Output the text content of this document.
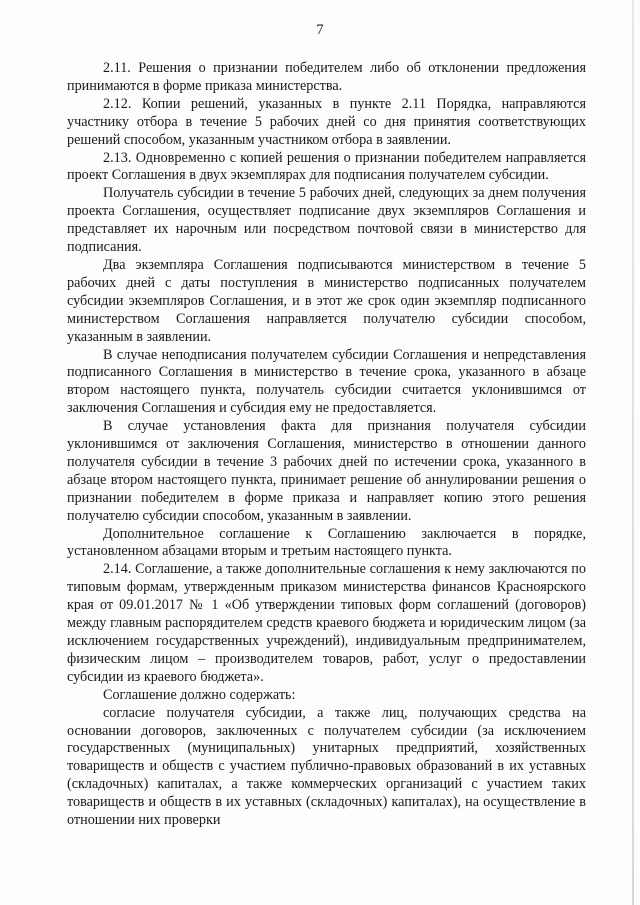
7

2.11. Решения о признании победителем либо об отклонении предложения принимаются в форме приказа министерства.

2.12. Копии решений, указанных в пункте 2.11 Порядка, направляются участнику отбора в течение 5 рабочих дней со дня принятия соответствующих решений способом, указанным участником отбора в заявлении.

2.13. Одновременно с копией решения о признании победителем направляется проект Соглашения в двух экземплярах для подписания получателем субсидии.

Получатель субсидии в течение 5 рабочих дней, следующих за днем получения проекта Соглашения, осуществляет подписание двух экземпляров Соглашения и представляет их нарочным или посредством почтовой связи в министерство для подписания.

Два экземпляра Соглашения подписываются министерством в течение 5 рабочих дней с даты поступления в министерство подписанных получателем субсидии экземпляров Соглашения, и в этот же срок один экземпляр подписанного министерством Соглашения направляется получателю субсидии способом, указанным в заявлении.

В случае неподписания получателем субсидии Соглашения и непредставления подписанного Соглашения в министерство в течение срока, указанного в абзаце втором настоящего пункта, получатель субсидии считается уклонившимся от заключения Соглашения и субсидия ему не предоставляется.

В случае установления факта для признания получателя субсидии уклонившимся от заключения Соглашения, министерство в отношении данного получателя субсидии в течение 3 рабочих дней по истечении срока, указанного в абзаце втором настоящего пункта, принимает решение об аннулировании решения о признании победителем в форме приказа и направляет копию этого решения получателю субсидии способом, указанным в заявлении.

Дополнительное соглашение к Соглашению заключается в порядке, установленном абзацами вторым и третьим настоящего пункта.

2.14. Соглашение, а также дополнительные соглашения к нему заключаются по типовым формам, утвержденным приказом министерства финансов Красноярского края от 09.01.2017 № 1 «Об утверждении типовых форм соглашений (договоров) между главным распорядителем средств краевого бюджета и юридическим лицом (за исключением государственных учреждений), индивидуальным предпринимателем, физическим лицом – производителем товаров, работ, услуг о предоставлении субсидии из краевого бюджета».

Соглашение должно содержать:

согласие получателя субсидии, а также лиц, получающих средства на основании договоров, заключенных с получателем субсидии (за исключением государственных (муниципальных) унитарных предприятий, хозяйственных товариществ и обществ с участием публично-правовых образований в их уставных (складочных) капиталах, а также коммерческих организаций с участием таких товариществ и обществ в их уставных (складочных) капиталах), на осуществление в отношении них проверки
